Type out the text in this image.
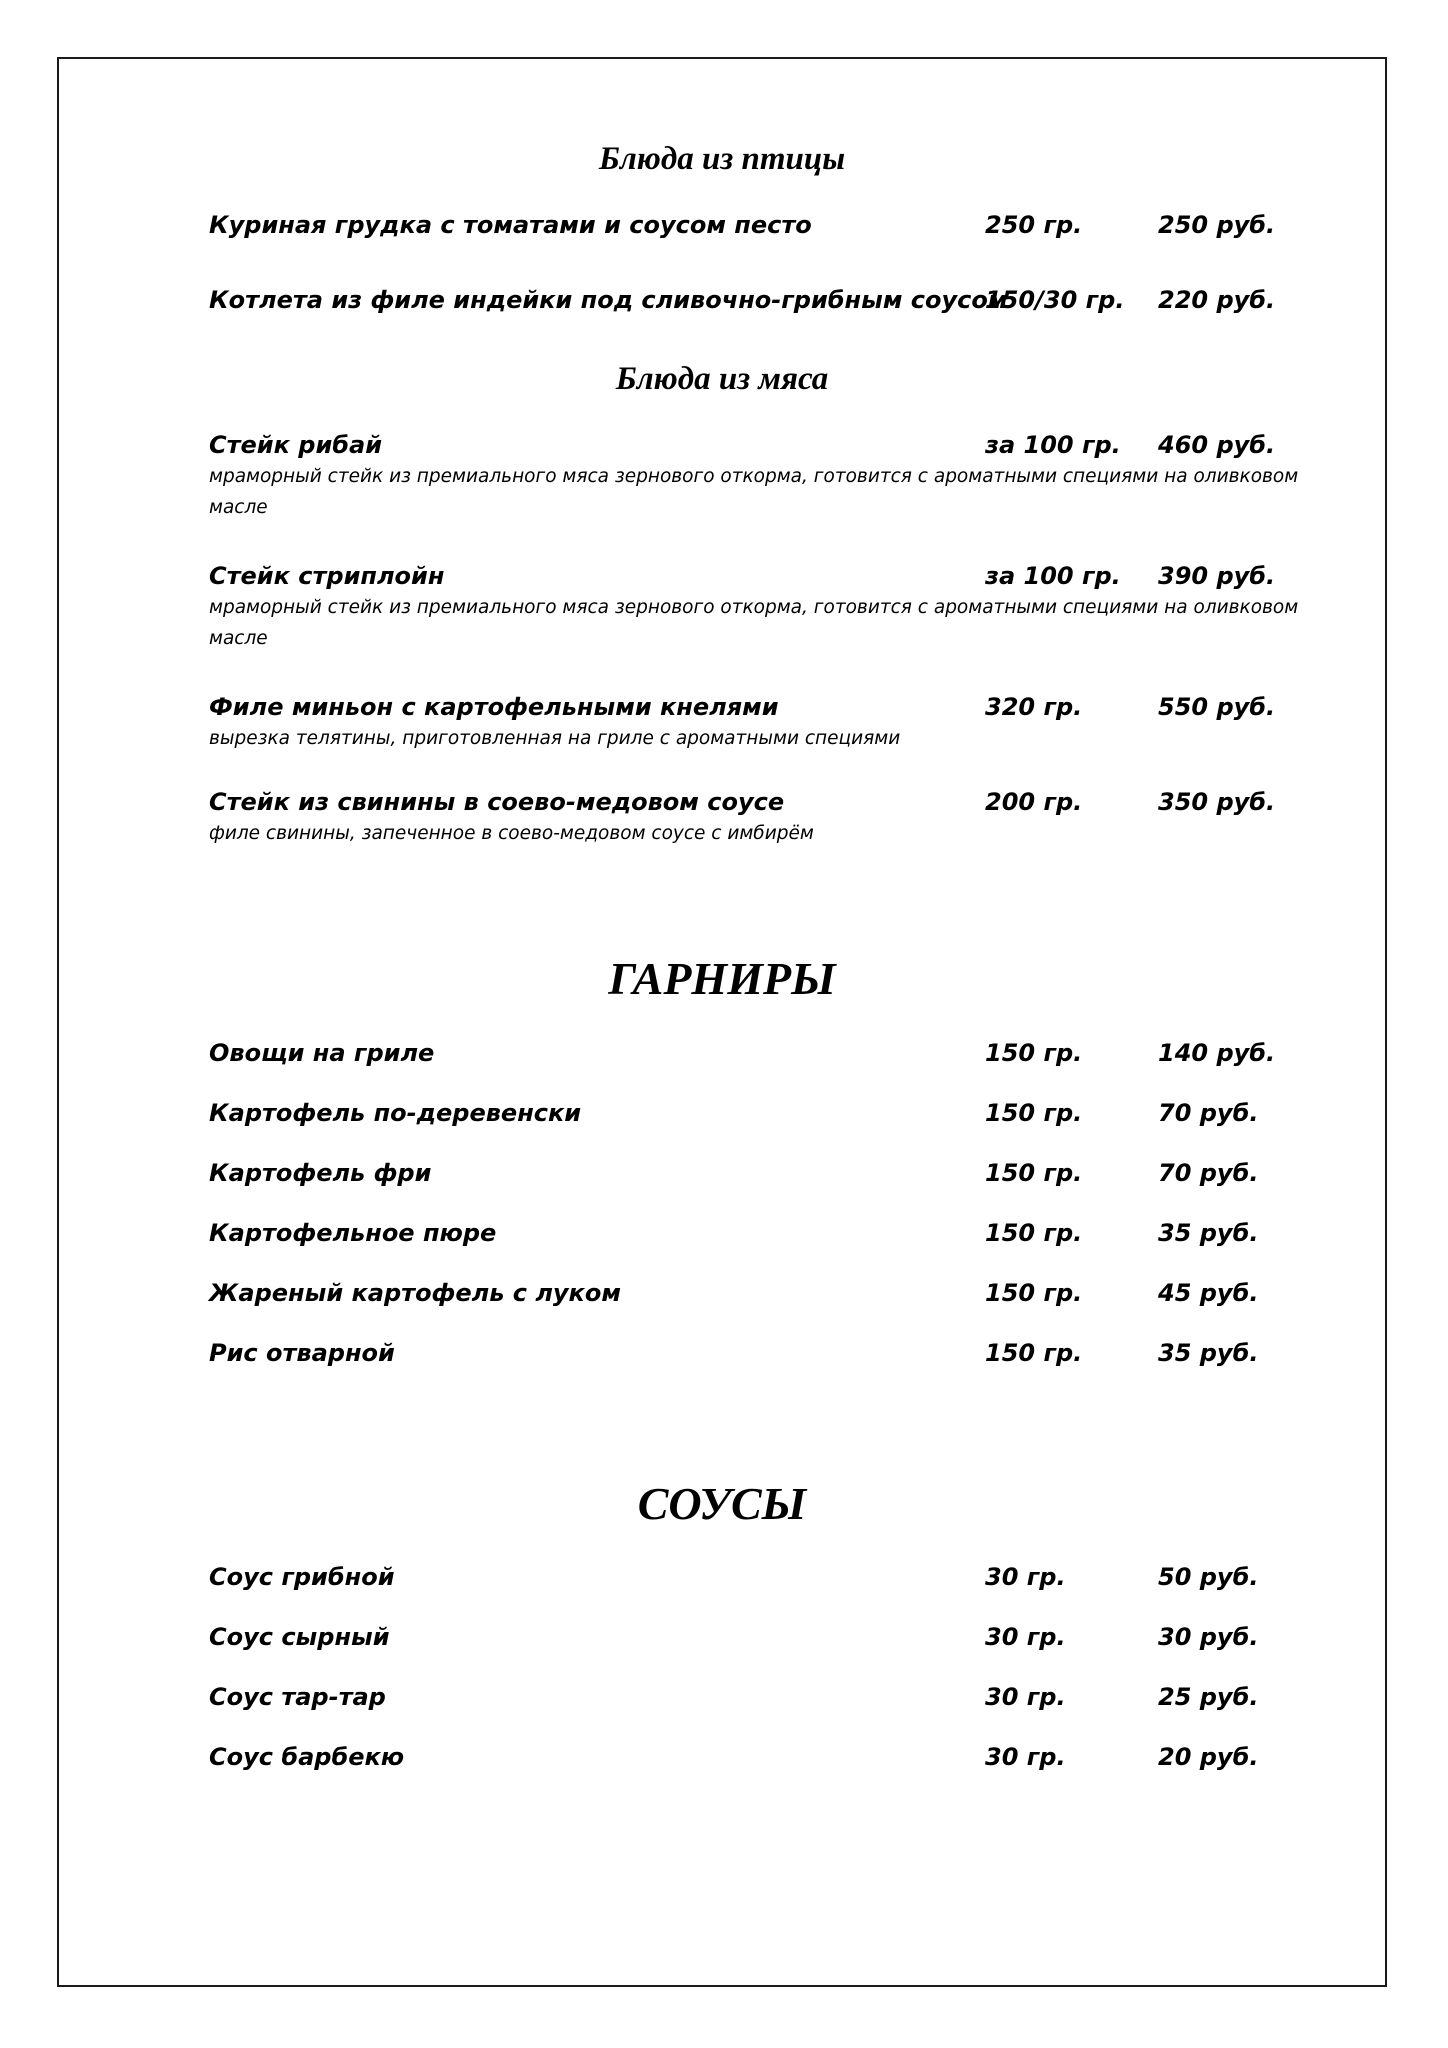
Блюда из птицы
Куриная грудка с томатами и соусом песто	250 гр.	250 руб.
Котлета из филе индейки под сливочно-грибным соусом
150/30 гр. 220 руб.
Блюда из мяса
Стейк рибай	за 100 гр. 460 руб.
мраморный стейк из премиального мяса зернового откорма, готовится с ароматными специями на оливковом масле
Стейк стриплойн	за 100 гр. 390 руб.
мраморный стейк из премиального мяса зернового откорма, готовится с ароматными специями на оливковом масле
Филе миньон с картофельными кнелями	320 гр.	550 руб.
вырезка телятины, приготовленная на гриле с ароматными специями
Стейк из свинины в соево-медовом соусе	200 гр.	350 руб.
филе свинины, запеченное в соево-медовом соусе с имбирём
ГАРНИРЫ
Овощи на гриле	150 гр.	140 руб.
Картофель по-деревенски	150 гр.	70 руб.
Картофель фри	150 гр.	70 руб.
Картофельное пюре	150 гр.	35 руб.
Жареный картофель с луком	150 гр.	45 руб.
Рис отварной	150 гр.	35 руб.
СОУСЫ
Соус грибной	30 гр.	50 руб.
Соус сырный	30 гр.	30 руб.
Соус тар-тар	30 гр.	25 руб.
Соус барбекю	30 гр.	20 руб.
